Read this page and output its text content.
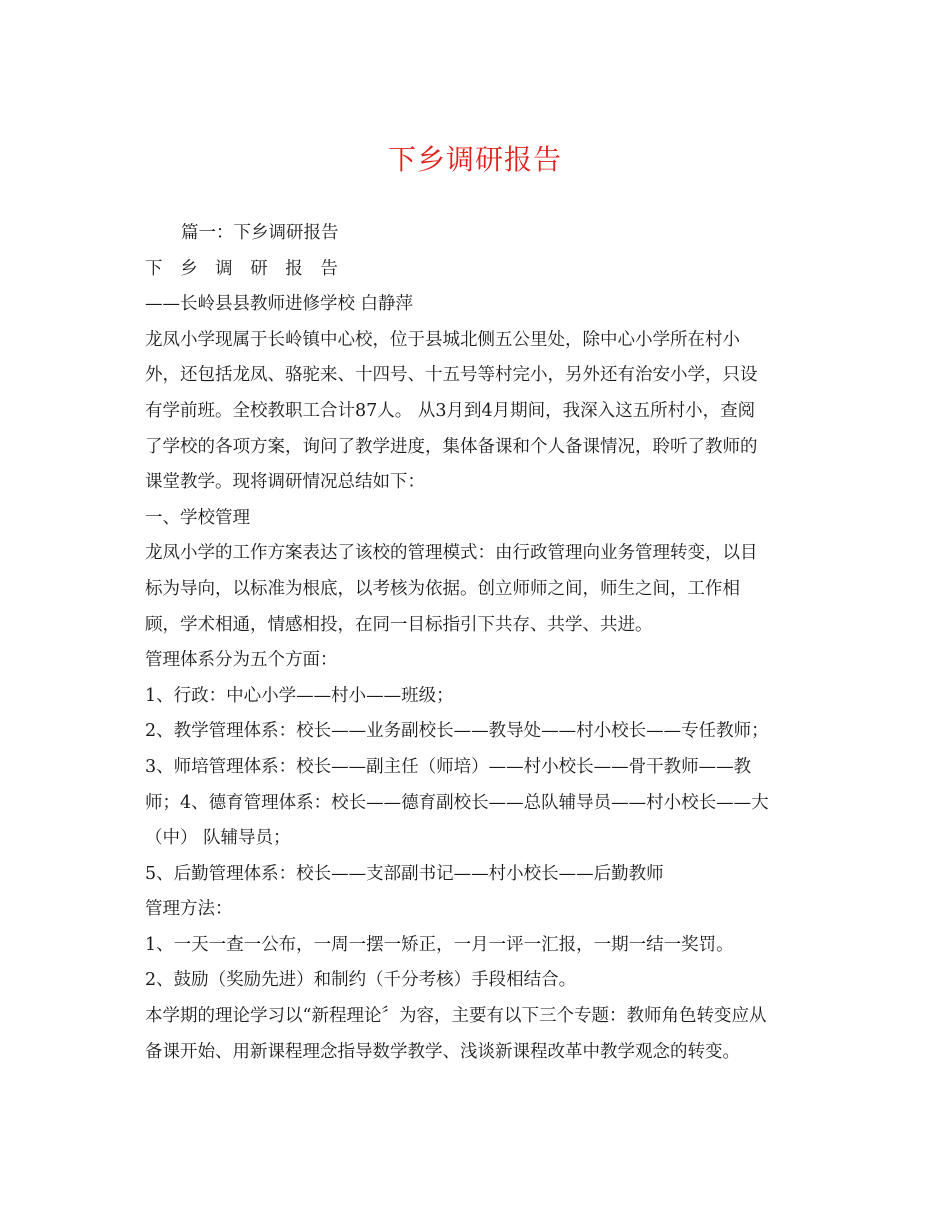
下乡调研报告
篇一：下乡调研报告
下 乡 调 研 报 告
——长岭县县教师进修学校 白静萍
龙凤小学现属于长岭镇中心校，位于县城北侧五公里处，除中心小学所在村小
外，还包括龙凤、骆驼来、十四号、十五号等村完小，另外还有治安小学，只设
有学前班。全校教职工合计87人。 从3月到4月期间，我深入这五所村小，查阅
了学校的各项方案，询问了教学进度，集体备课和个人备课情况，聆听了教师的
课堂教学。现将调研情况总结如下：
一、学校管理
龙凤小学的工作方案表达了该校的管理模式：由行政管理向业务管理转变，以目
标为导向，以标准为根底，以考核为依据。创立师师之间，师生之间，工作相
顾，学术相通，情感相投，在同一目标指引下共存、共学、共进。
管理体系分为五个方面：
1、行政：中心小学——村小——班级；
2、教学管理体系：校长——业务副校长——教导处——村小校长——专任教师；
3、师培管理体系：校长——副主任（师培）——村小校长——骨干教师——教
师；4、德育管理体系：校长——德育副校长——总队辅导员——村小校长——大
（中） 队辅导员；
5、后勤管理体系：校长——支部副书记——村小校长——后勤教师
管理方法：
1、一天一查一公布，一周一摆一矫正，一月一评一汇报，一期一结一奖罚。
2、鼓励（奖励先进）和制约（千分考核）手段相结合。
本学期的理论学习以“新程理论〞为容，主要有以下三个专题：教师角色转变应从
备课开始、用新课程理念指导数学教学、浅谈新课程改革中教学观念的转变。
